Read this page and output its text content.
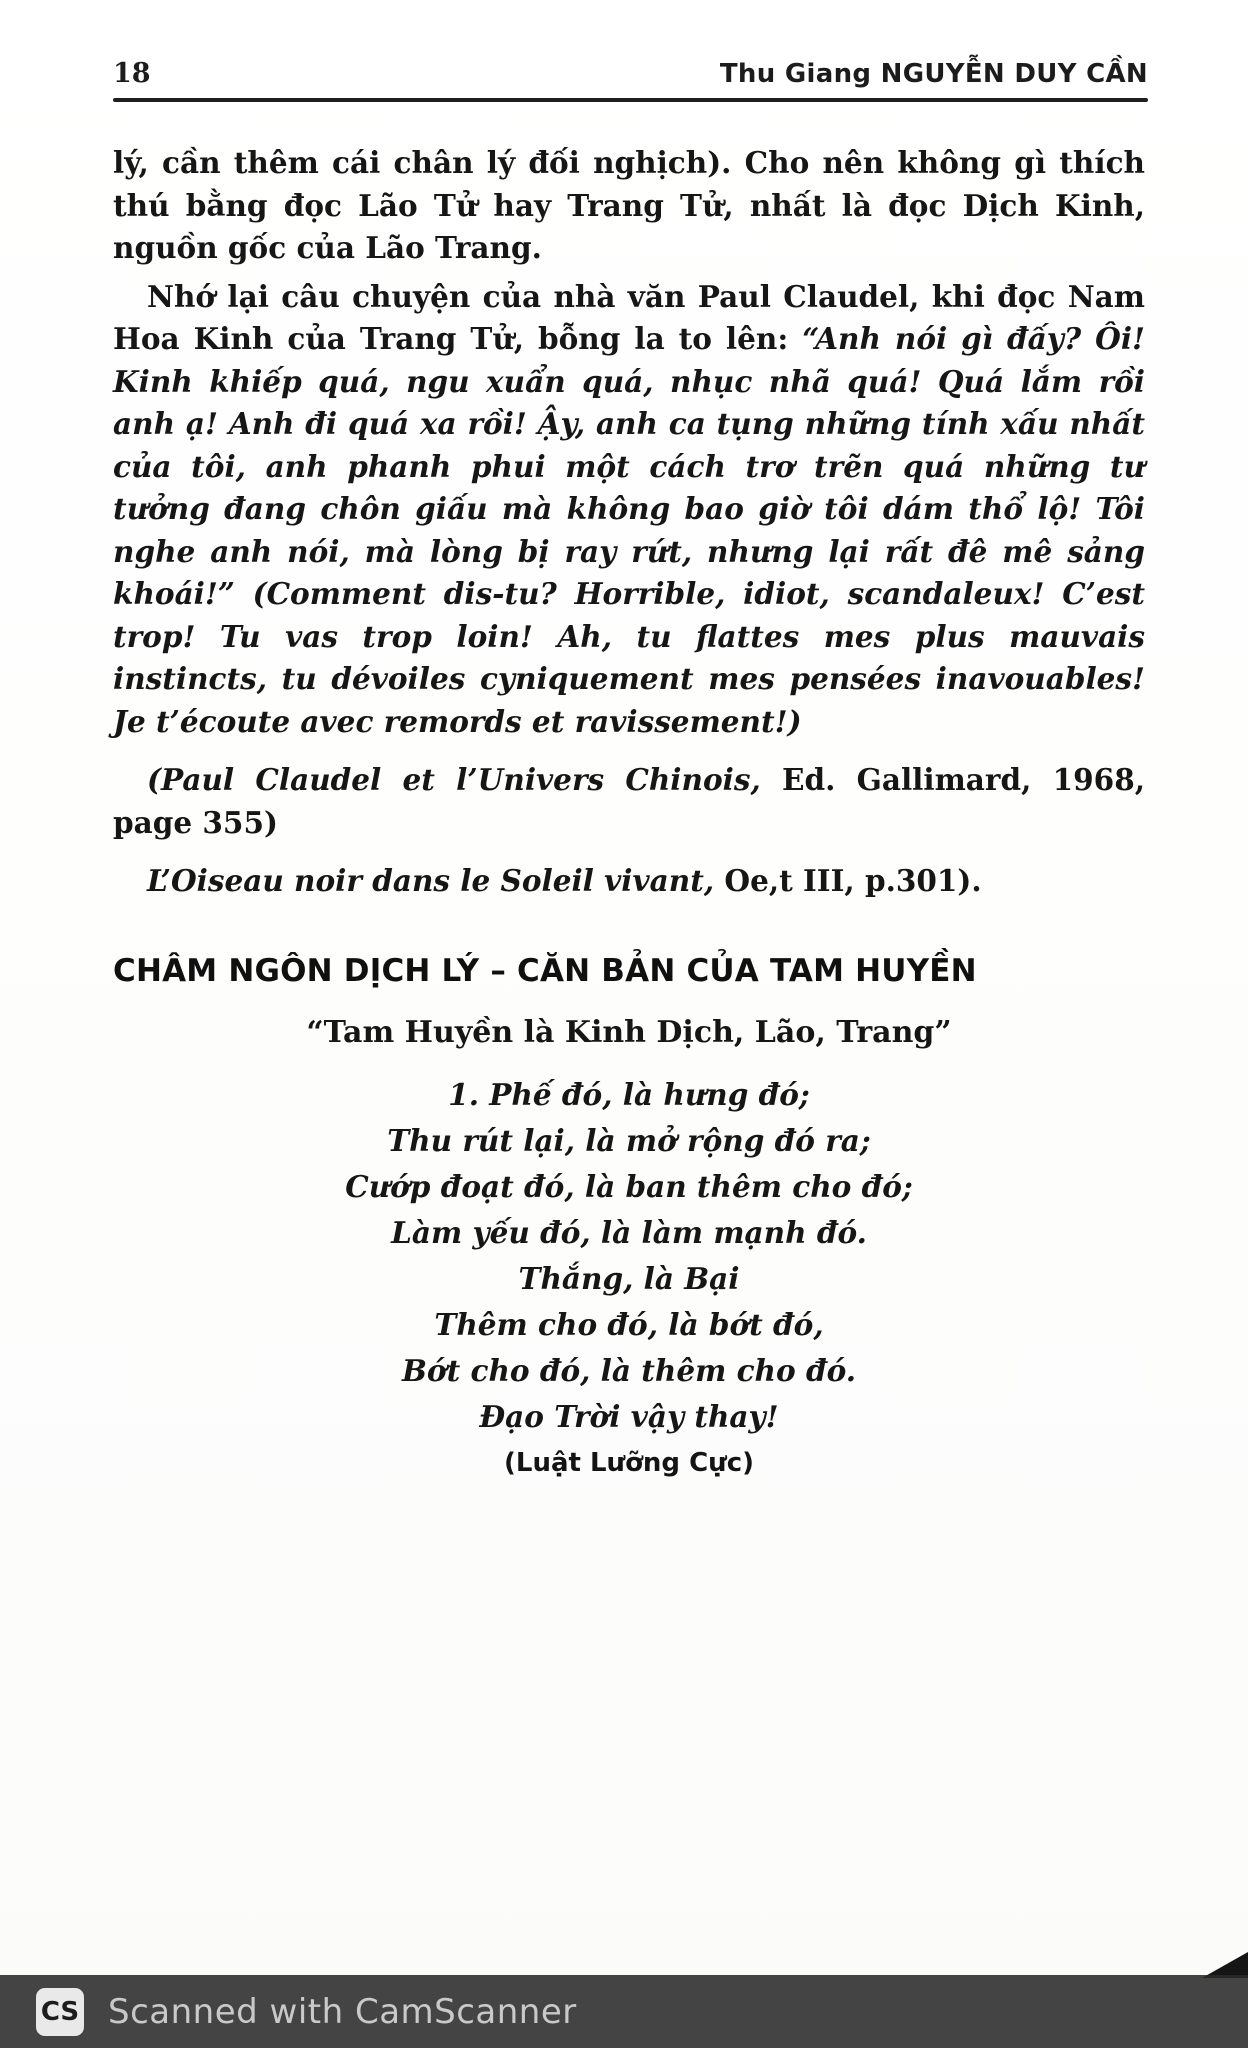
18	Thu Giang NGUYỄN DUY CẦN

lý, cần thêm cái chân lý đối nghịch). Cho nên không gì thích thú bằng đọc Lão Tử hay Trang Tử, nhất là đọc Dịch Kinh, nguồn gốc của Lão Trang.

Nhớ lại câu chuyện của nhà văn Paul Claudel, khi đọc Nam Hoa Kinh của Trang Tử, bỗng la to lên: “Anh nói gì đấy? Ôi! Kinh khiếp quá, ngu xuẩn quá, nhục nhã quá! Quá lắm rồi anh ạ! Anh đi quá xa rồi! Ậy, anh ca tụng những tính xấu nhất của tôi, anh phanh phui một cách trơ trẽn quá những tư tưởng đang chôn giấu mà không bao giờ tôi dám thổ lộ! Tôi nghe anh nói, mà lòng bị ray rứt, nhưng lại rất đê mê sảng khoái!” (Comment dis-tu? Horrible, idiot, scandaleux! C’est trop! Tu vas trop loin! Ah, tu flattes mes plus mauvais instincts, tu dévoiles cyniquement mes pensées inavouables! Je t’écoute avec remords et ravissement!)

(Paul Claudel et l’Univers Chinois, Ed. Gallimard, 1968, page 355)

L’Oiseau noir dans le Soleil vivant, Oe,t III, p.301).

CHÂM NGÔN DỊCH LÝ – CĂN BẢN CỦA TAM HUYỀN

“Tam Huyền là Kinh Dịch, Lão, Trang”

1. Phế đó, là hưng đó;

Thu rút lại, là mở rộng đó ra;

Cướp đoạt đó, là ban thêm cho đó;

Làm yếu đó, là làm mạnh đó.

Thắng, là Bại

Thêm cho đó, là bớt đó,

Bớt cho đó, là thêm cho đó.

Đạo Trời vậy thay!

(Luật Lưỡng Cực)

CS Scanned with CamScanner
